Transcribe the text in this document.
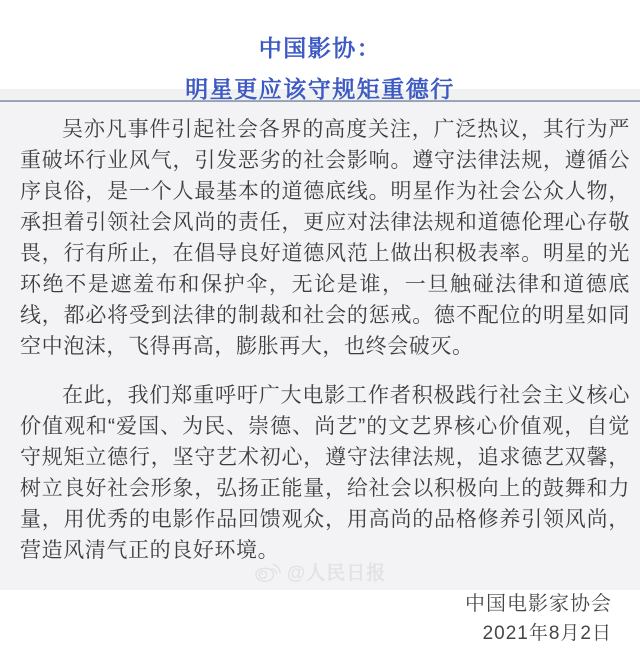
中国影协：
明星更应该守规矩重德行

吴亦凡事件引起社会各界的高度关注，广泛热议，其行为严重破坏行业风气，引发恶劣的社会影响。遵守法律法规，遵循公序良俗，是一个人最基本的道德底线。明星作为社会公众人物，承担着引领社会风尚的责任，更应对法律法规和道德伦理心存敬畏，行有所止，在倡导良好道德风范上做出积极表率。明星的光环绝不是遮羞布和保护伞，无论是谁，一旦触碰法律和道德底线，都必将受到法律的制裁和社会的惩戒。德不配位的明星如同空中泡沫，飞得再高，膨胀再大，也终会破灭。

在此，我们郑重呼吁广大电影工作者积极践行社会主义核心价值观和“爱国、为民、崇德、尚艺”的文艺界核心价值观，自觉守规矩立德行，坚守艺术初心，遵守法律法规，追求德艺双馨，树立良好社会形象，弘扬正能量，给社会以积极向上的鼓舞和力量，用优秀的电影作品回馈观众，用高尚的品格修养引领风尚，营造风清气正的良好环境。

中国电影家协会
2021年8月2日
@人民日报
